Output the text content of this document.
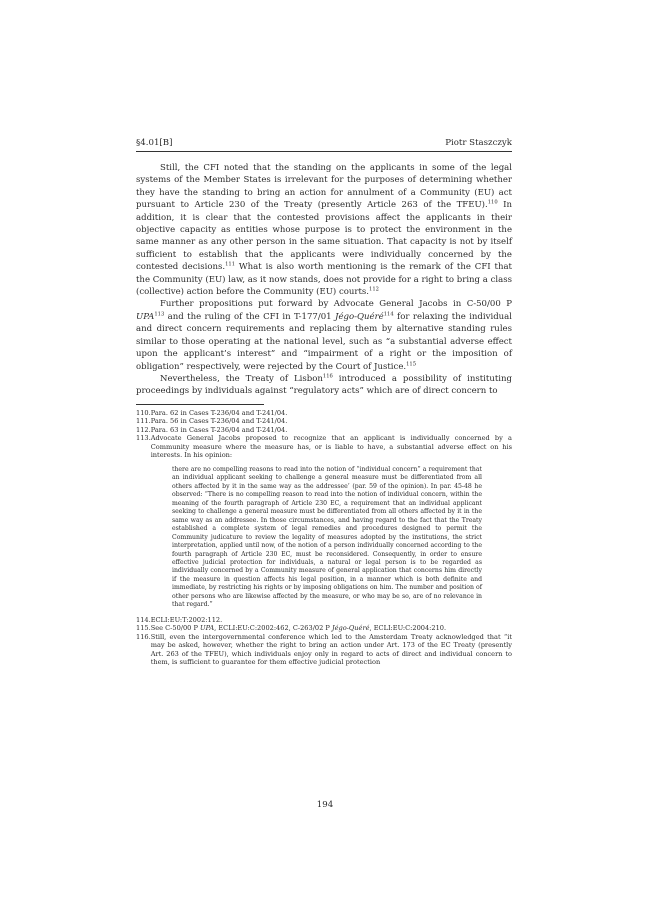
§4.01[B]	Piotr Staszczyk

Still, the CFI noted that the standing on the applicants in some of the legal systems of the Member States is irrelevant for the purposes of determining whether they have the standing to bring an action for annulment of a Community (EU) act pursuant to Article 230 of the Treaty (presently Article 263 of the TFEU).$^{110}$ In addition, it is clear that the contested provisions affect the applicants in their objective capacity as entities whose purpose is to protect the environment in the same manner as any other person in the same situation. That capacity is not by itself sufficient to establish that the applicants were individually concerned by the contested decisions.$^{111}$ What is also worth mentioning is the remark of the CFI that the Community (EU) law, as it now stands, does not provide for a right to bring a class (collective) action before the Community (EU) courts.$^{112}$

Further propositions put forward by Advocate General Jacobs in C-50/00 P UPA$^{113}$ and the ruling of the CFI in T-177/01 Jégo-Quéré$^{114}$ for relaxing the individual and direct concern requirements and replacing them by alternative standing rules similar to those operating at the national level, such as “a substantial adverse effect upon the applicant’s interest” and “impairment of a right or the imposition of obligation” respectively, were rejected by the Court of Justice.$^{115}$

Nevertheless, the Treaty of Lisbon$^{116}$ introduced a possibility of instituting proceedings by individuals against “regulatory acts” which are of direct concern to

110. Para. 62 in Cases T-236/04 and T-241/04.
111. Para. 56 in Cases T-236/04 and T-241/04.
112. Para. 63 in Cases T-236/04 and T-241/04.
113. Advocate General Jacobs proposed to recognize that an applicant is individually concerned by a Community measure where the measure has, or is liable to have, a substantial adverse effect on his interests. In his opinion:
there are no compelling reasons to read into the notion of “individual concern” a requirement that an individual applicant seeking to challenge a general measure must be differentiated from all others affected by it in the same way as the addressee’ (par. 59 of the opinion). In par. 45-48 he observed: “There is no compelling reason to read into the notion of individual concern, within the meaning of the fourth paragraph of Article 230 EC, a requirement that an individual applicant seeking to challenge a general measure must be differentiated from all others affected by it in the same way as an addressee. In those circumstances, and having regard to the fact that the Treaty established a complete system of legal remedies and procedures designed to permit the Community judicature to review the legality of measures adopted by the institutions, the strict interpretation, applied until now, of the notion of a person individually concerned according to the fourth paragraph of Article 230 EC, must be reconsidered. Consequently, in order to ensure effective judicial protection for individuals, a natural or legal person is to be regarded as individually concerned by a Community measure of general application that concerns him directly if the measure in question affects his legal position, in a manner which is both definite and immediate, by restricting his rights or by imposing obligations on him. The number and position of other persons who are likewise affected by the measure, or who may be so, are of no relevance in that regard.”
114. ECLI:EU:T:2002:112.
115. See C-50/00 P UPA, ECLI:EU:C:2002:462, C-263/02 P Jégo-Quéré, ECLI:EU:C:2004:210.
116. Still, even the intergovernmental conference which led to the Amsterdam Treaty acknowledged that “it may be asked, however, whether the right to bring an action under Art. 173 of the EC Treaty (presently Art. 263 of the TFEU), which individuals enjoy only in regard to acts of direct and individual concern to them, is sufficient to guarantee for them effective judicial protection
194
